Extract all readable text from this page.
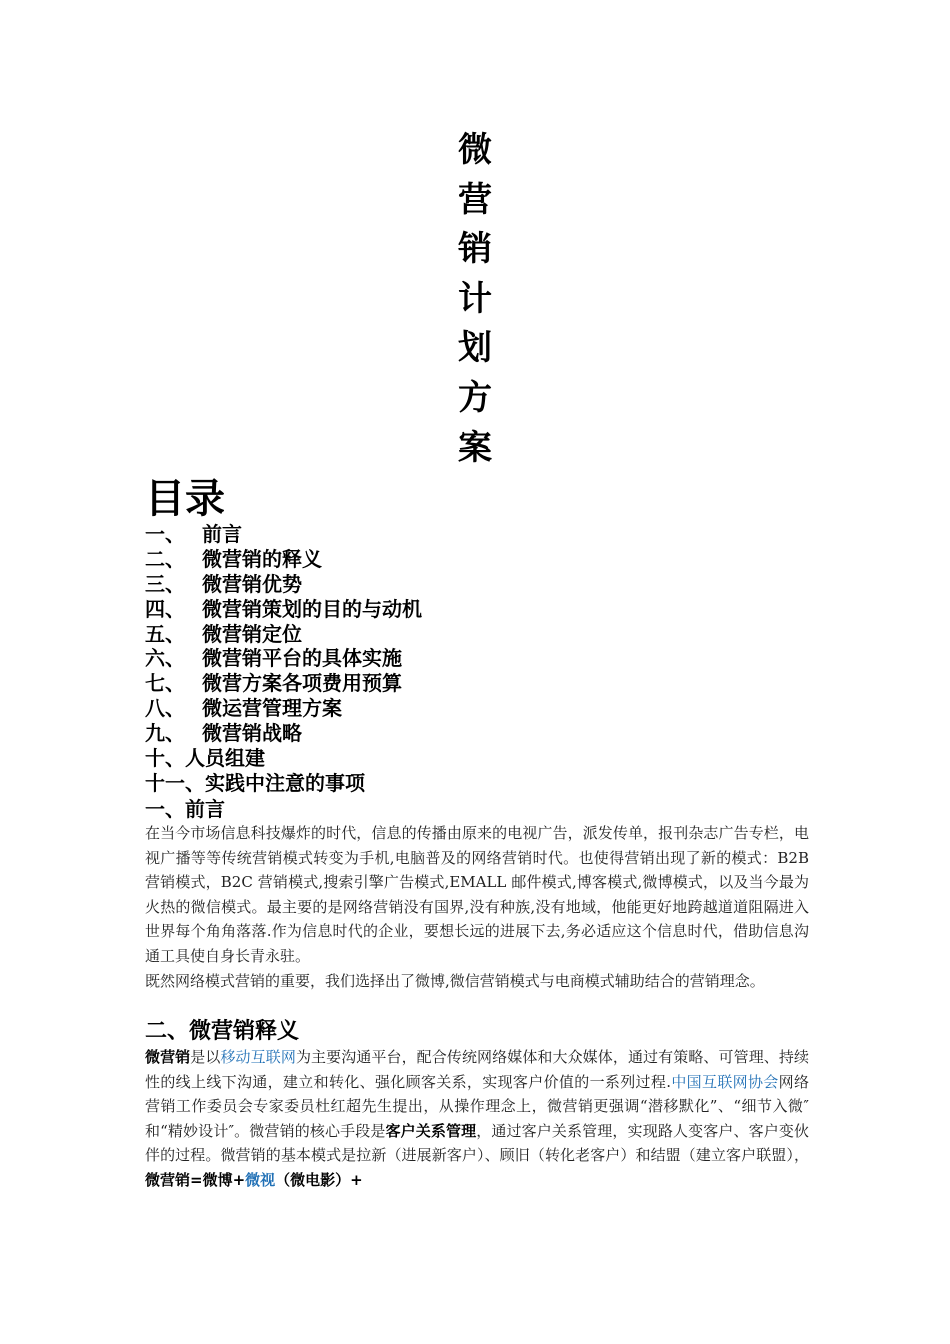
微
营
销
计
划
方
案
目录
一、 前言
二、 微营销的释义
三、 微营销优势
四、 微营销策划的目的与动机
五、 微营销定位
六、 微营销平台的具体实施
七、 微营方案各项费用预算
八、 微运营管理方案
九、 微营销战略
十、人员组建
十一、实践中注意的事项
一、前言

在当今市场信息科技爆炸的时代，信息的传播由原来的电视广告，派发传单，报刊杂志广告专栏，电视广播等等传统营销模式转变为手机,电脑普及的网络营销时代。也使得营销出现了新的模式：B2B 营销模式，B2C 营销模式,搜索引擎广告模式,EMALL 邮件模式,博客模式,微博模式，以及当今最为火热的微信模式。最主要的是网络营销没有国界,没有种族,没有地域，他能更好地跨越道道阻隔进入世界每个角角落落.作为信息时代的企业，要想长远的进展下去,务必适应这个信息时代，借助信息沟通工具使自身长青永驻。

既然网络模式营销的重要，我们选择出了微博,微信营销模式与电商模式辅助结合的营销理念。

二、微营销释义

微营销是以移动互联网为主要沟通平台，配合传统网络媒体和大众媒体，通过有策略、可管理、持续性的线上线下沟通，建立和转化、强化顾客关系，实现客户价值的一系列过程.中国互联网协会网络营销工作委员会专家委员杜红超先生提出，从操作理念上，微营销更强调“潜移默化”、“细节入微″和“精妙设计″。微营销的核心手段是客户关系管理，通过客户关系管理，实现路人变客户、客户变伙伴的过程。微营销的基本模式是拉新（进展新客户）、顾旧（转化老客户）和结盟（建立客户联盟），微营销=微博+微视（微电影）+
